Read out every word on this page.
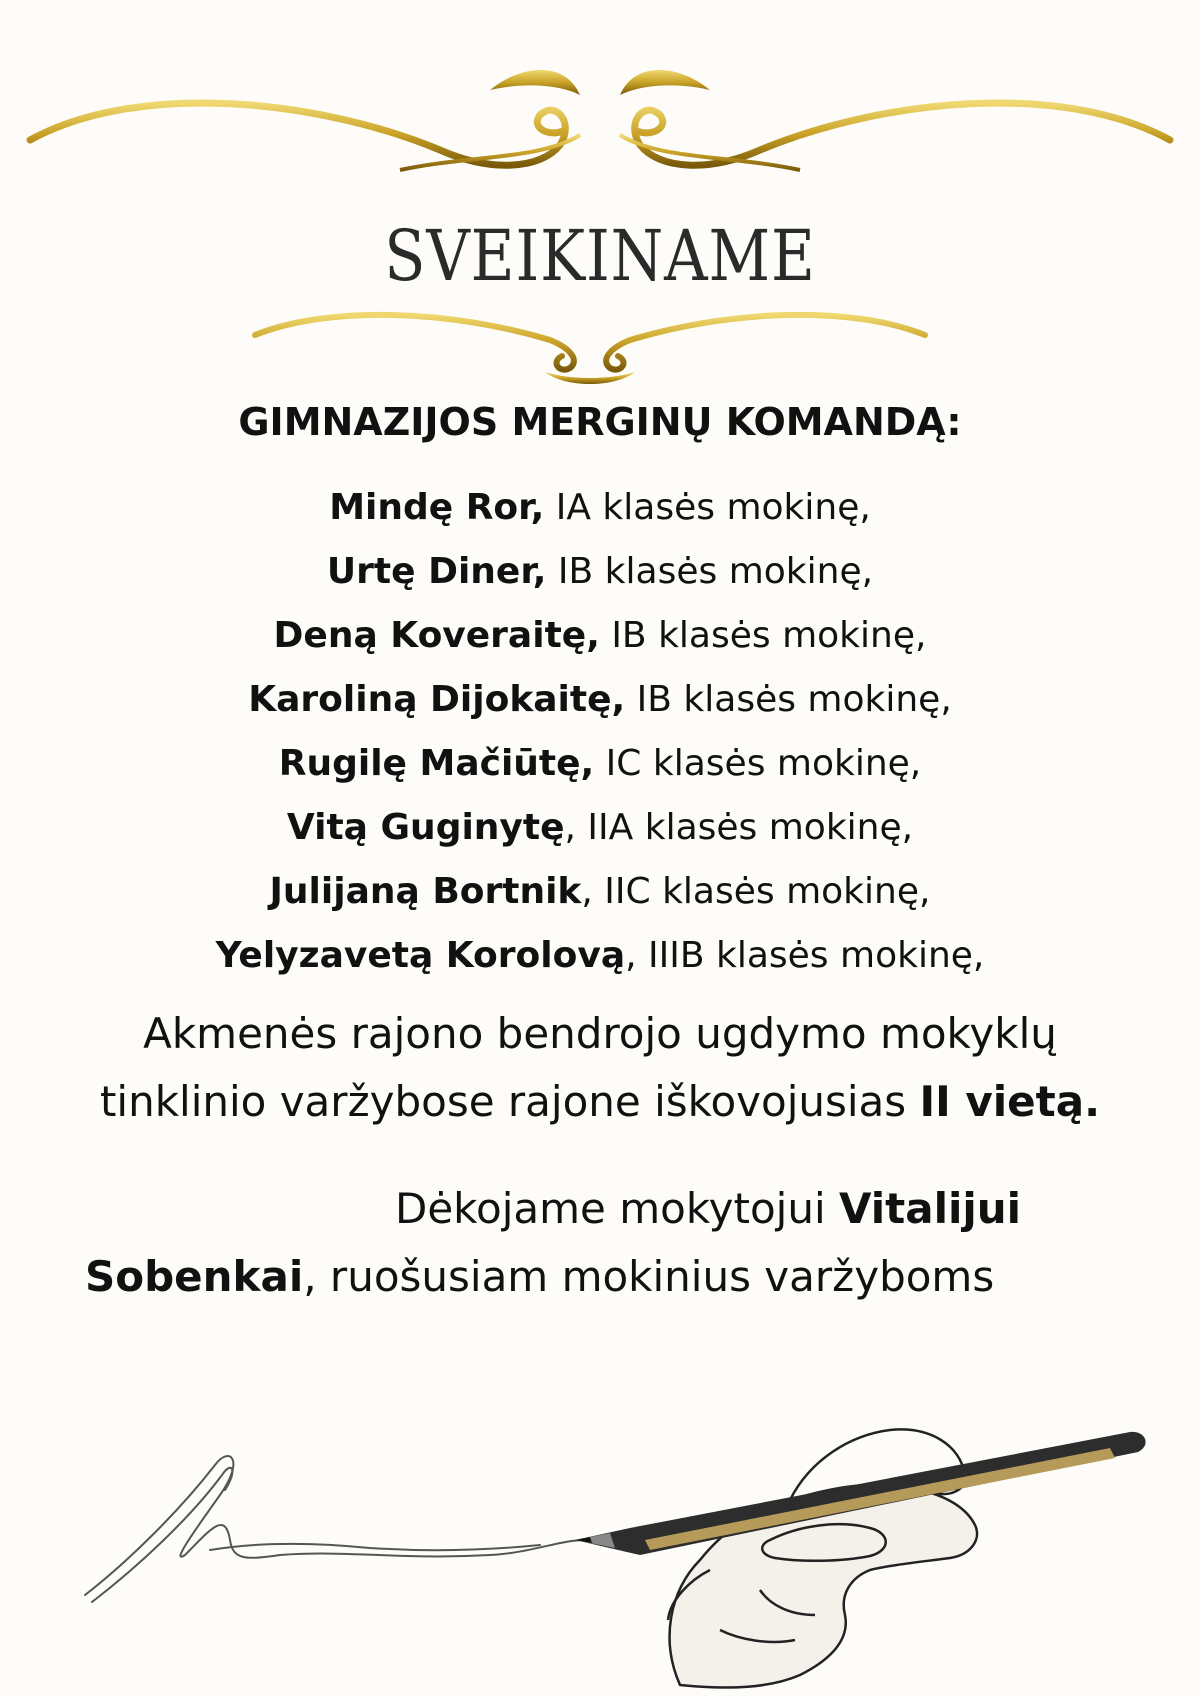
SVEIKINAME
GIMNAZIJOS MERGINŲ KOMANDĄ:
Mindę Ror, IA klasės mokinę,
Urtę Diner, IB klasės mokinę,
Deną Koveraitę, IB klasės mokinę,
Karoliną Dijokaitę, IB klasės mokinę,
Rugilę Mačiūtę, IC klasės mokinę,
Vitą Guginytę, IIA klasės mokinę,
Julijaną Bortnik, IIC klasės mokinę,
Yelyzavetą Korolovą, IIIB klasės mokinę,
Akmenės rajono bendrojo ugdymo mokyklų tinklinio varžybose rajone iškovojusias II vietą.
Dėkojame mokytojui Vitalijui Sobenkai, ruošusiam mokinius varžyboms
